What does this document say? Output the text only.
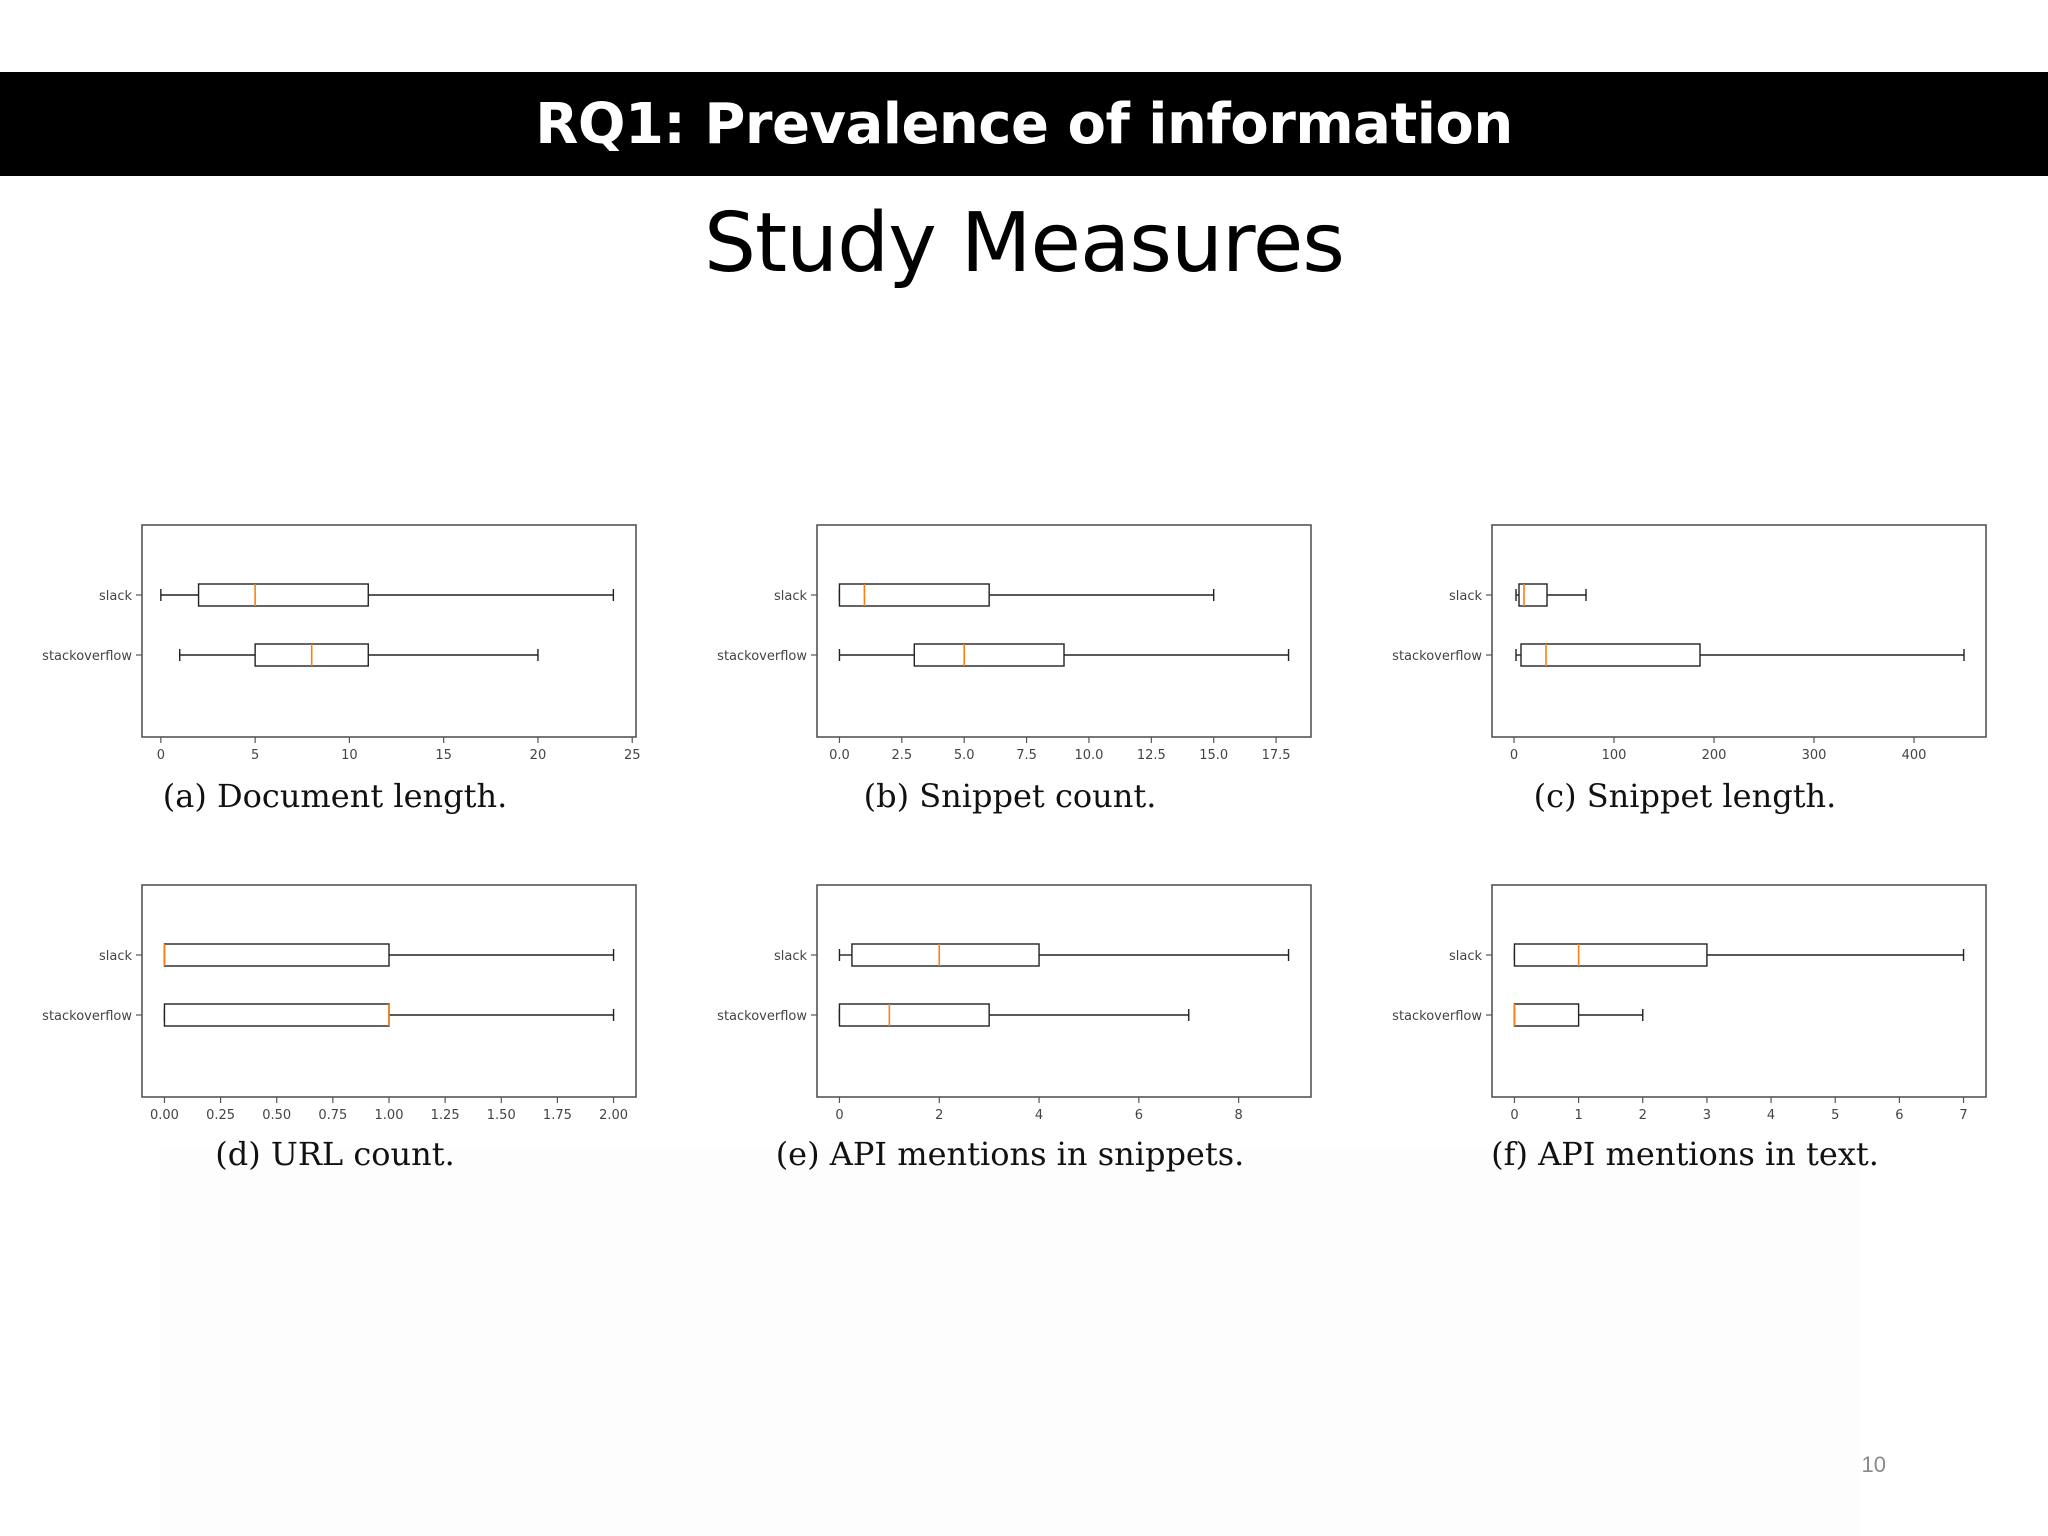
RQ1: Prevalence of information
Study Measures
0	5	10	15	20	25
slack
stackoverflow
(a) Document length.
0.0	2.5	5.0	7.5	10.0	12.5	15.0	17.5
slack
stackoverflow
(b) Snippet count.
0	100	200	300	400
slack
stackoverflow
(c) Snippet length.
0.00 0.25 0.50 0.75 1.00 1.25 1.50 1.75 2.00
slack
stackoverflow
(d) URL count.
0	2	4	6	8
slack
stackoverflow
(e) API mentions in snippets.
0	1	2	3	4	5	6	7
slack
stackoverflow
(f) API mentions in text.
10
